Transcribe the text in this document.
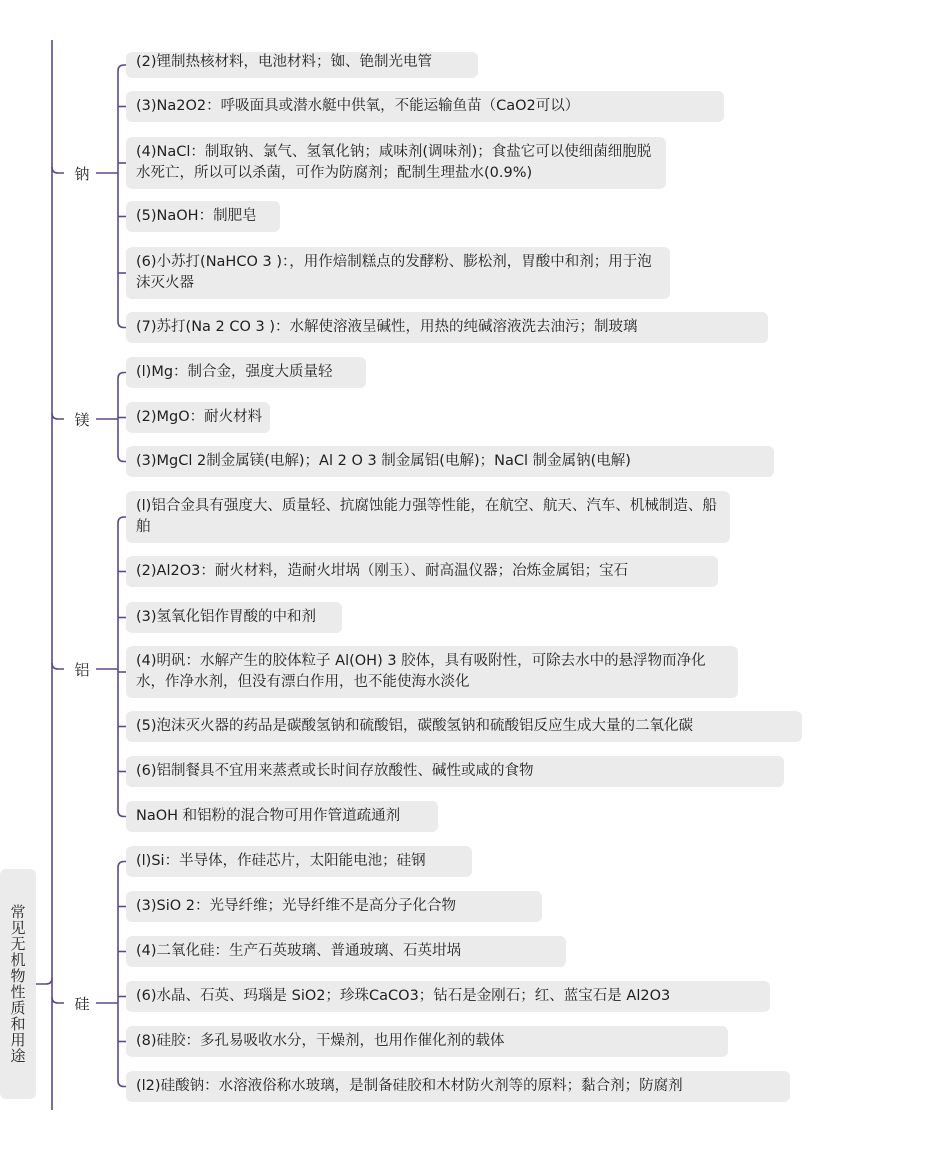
常见无机物性质和用途
钠
(2)锂制热核材料，电池材料；铷、铯制光电管
(3)Na2O2：呼吸面具或潜水艇中供氧，不能运输鱼苗（CaO2可以）
(4)NaCl：制取钠、氯气、氢氧化钠；咸味剂(调味剂)；食盐它可以使细菌细胞脱水死亡，所以可以杀菌，可作为防腐剂；配制生理盐水(0.9%)
(5)NaOH：制肥皂
(6)小苏打(NaHCO 3 )：，用作焙制糕点的发酵粉、膨松剂，胃酸中和剂；用于泡沫灭火器
(7)苏打(Na 2 CO 3 )：水解使溶液呈碱性，用热的纯碱溶液洗去油污；制玻璃
镁
(l)Mg：制合金，强度大质量轻
(2)MgO：耐火材料
(3)MgCl 2制金属镁(电解)；Al 2 O 3 制金属铝(电解)；NaCl 制金属钠(电解)
铝
(l)铝合金具有强度大、质量轻、抗腐蚀能力强等性能，在航空、航天、汽车、机械制造、船舶
(2)Al2O3：耐火材料，造耐火坩埚（刚玉）、耐高温仪器；冶炼金属铝；宝石
(3)氢氧化铝作胃酸的中和剂
(4)明矾：水解产生的胶体粒子 Al(OH) 3 胶体，具有吸附性，可除去水中的悬浮物而净化水，作净水剂，但没有漂白作用，也不能使海水淡化
(5)泡沫灭火器的药品是碳酸氢钠和硫酸铝，碳酸氢钠和硫酸铝反应生成大量的二氧化碳
(6)铝制餐具不宜用来蒸煮或长时间存放酸性、碱性或咸的食物
NaOH 和铝粉的混合物可用作管道疏通剂
硅
(l)Si：半导体，作硅芯片，太阳能电池；硅钢
(3)SiO 2：光导纤维；光导纤维不是高分子化合物
(4)二氧化硅：生产石英玻璃、普通玻璃、石英坩埚
(6)水晶、石英、玛瑙是 SiO2；珍珠CaCO3；钻石是金刚石；红、蓝宝石是 Al2O3
(8)硅胶：多孔易吸收水分，干燥剂，也用作催化剂的载体
(l2)硅酸钠：水溶液俗称水玻璃，是制备硅胶和木材防火剂等的原料；黏合剂；防腐剂
